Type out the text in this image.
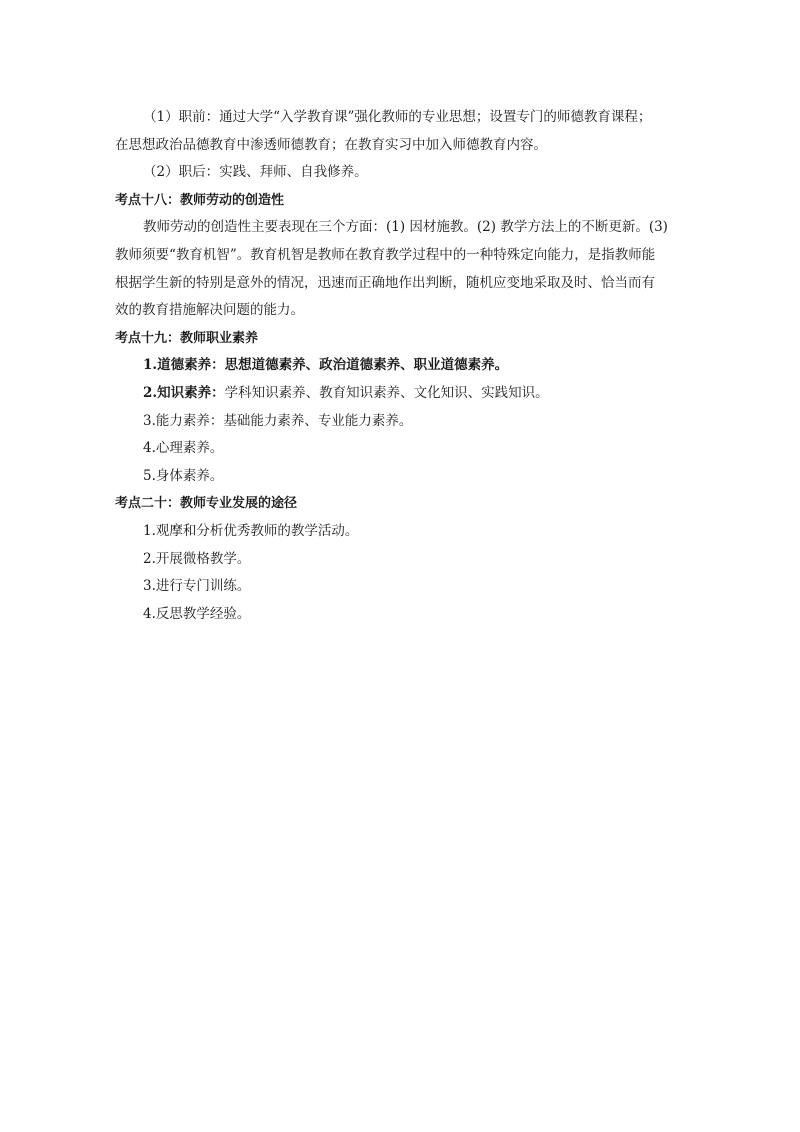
（1）职前：通过大学“入学教育课”强化教师的专业思想；设置专门的师德教育课程；
在思想政治品德教育中渗透师德教育；在教育实习中加入师德教育内容。
（2）职后：实践、拜师、自我修养。
考点十八：教师劳动的创造性
教师劳动的创造性主要表现在三个方面：(1) 因材施教。(2) 教学方法上的不断更新。(3)
教师须要“教育机智”。教育机智是教师在教育教学过程中的一种特殊定向能力，是指教师能
根据学生新的特别是意外的情况，迅速而正确地作出判断，随机应变地采取及时、恰当而有
效的教育措施解决问题的能力。
考点十九：教师职业素养
1.道德素养：思想道德素养、政治道德素养、职业道德素养。
2.知识素养：学科知识素养、教育知识素养、文化知识、实践知识。
3.能力素养：基础能力素养、专业能力素养。
4.心理素养。
5.身体素养。
考点二十：教师专业发展的途径
1.观摩和分析优秀教师的教学活动。
2.开展微格教学。
3.进行专门训练。
4.反思教学经验。
